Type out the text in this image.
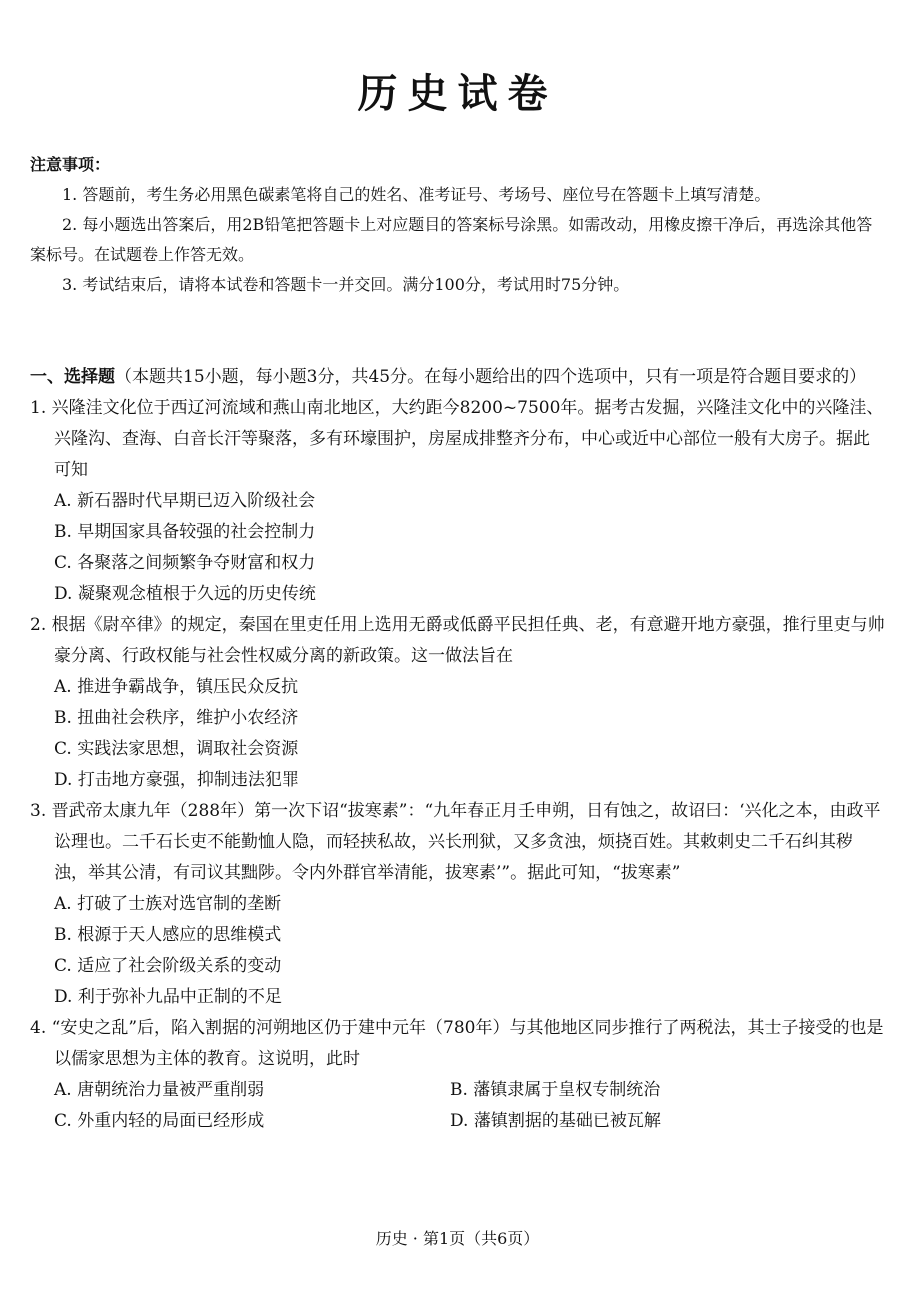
历史试卷
注意事项：

1. 答题前，考生务必用黑色碳素笔将自己的姓名、准考证号、考场号、座位号在答题卡上填写清楚。

2. 每小题选出答案后，用2B铅笔把答题卡上对应题目的答案标号涂黑。如需改动，用橡皮擦干净后，再选涂其他答案标号。在试题卷上作答无效。

3. 考试结束后，请将本试卷和答题卡一并交回。满分100分，考试用时75分钟。

一、选择题（本题共15小题，每小题3分，共45分。在每小题给出的四个选项中，只有一项是符合题目要求的）

1. 兴隆洼文化位于西辽河流域和燕山南北地区，大约距今8200~7500年。据考古发掘，兴隆洼文化中的兴隆洼、兴隆沟、查海、白音长汗等聚落，多有环壕围护，房屋成排整齐分布，中心或近中心部位一般有大房子。据此可知

A. 新石器时代早期已迈入阶级社会

B. 早期国家具备较强的社会控制力

C. 各聚落之间频繁争夺财富和权力

D. 凝聚观念植根于久远的历史传统

2. 根据《尉卒律》的规定，秦国在里吏任用上选用无爵或低爵平民担任典、老，有意避开地方豪强，推行里吏与帅豪分离、行政权能与社会性权威分离的新政策。这一做法旨在

A. 推进争霸战争，镇压民众反抗

B. 扭曲社会秩序，维护小农经济

C. 实践法家思想，调取社会资源

D. 打击地方豪强，抑制违法犯罪

3. 晋武帝太康九年（288年）第一次下诏“拔寒素”：“九年春正月壬申朔，日有蚀之，故诏曰：‘兴化之本，由政平讼理也。二千石长吏不能勤恤人隐，而轻挟私故，兴长刑狱，又多贪浊，烦挠百姓。其敕刺史二千石纠其秽浊，举其公清，有司议其黜陟。令内外群官举清能，拔寒素’”。据此可知，“拔寒素”

A. 打破了士族对选官制的垄断

B. 根源于天人感应的思维模式

C. 适应了社会阶级关系的变动

D. 利于弥补九品中正制的不足

4. “安史之乱”后，陷入割据的河朔地区仍于建中元年（780年）与其他地区同步推行了两税法，其士子接受的也是以儒家思想为主体的教育。这说明，此时

A. 唐朝统治力量被严重削弱	B. 藩镇隶属于皇权专制统治

C. 外重内轻的局面已经形成	D. 藩镇割据的基础已被瓦解

历史 · 第1页（共6页）
